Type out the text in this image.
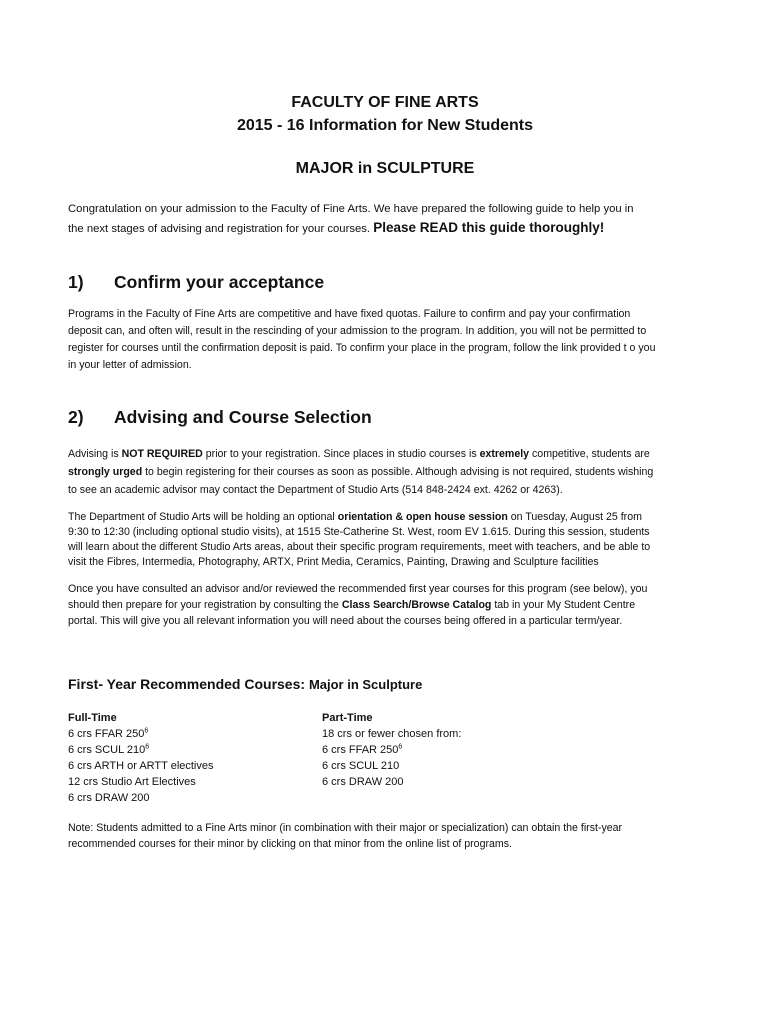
FACULTY OF FINE ARTS
2015 - 16 Information for New Students
MAJOR in SCULPTURE
Congratulation on your admission to the Faculty of Fine Arts. We have prepared the following guide to help you in
the next stages of advising and registration for your courses. Please READ this guide thoroughly!
1) Confirm your acceptance
Programs in the Faculty of Fine Arts are competitive and have fixed quotas. Failure to confirm and pay your confirmation
deposit can, and often will, result in the rescinding of your admission to the program. In addition, you will not be permitted to
register for courses until the confirmation deposit is paid. To confirm your place in the program, follow the link provided t o you
in your letter of admission.
2) Advising and Course Selection
Advising is NOT REQUIRED prior to your registration. Since places in studio courses is extremely competitive, students are
strongly urged to begin registering for their courses as soon as possible. Although advising is not required, students wishing
to see an academic advisor may contact the Department of Studio Arts (514 848-2424 ext. 4262 or 4263).
The Department of Studio Arts will be holding an optional orientation & open house session on Tuesday, August 25 from
9:30 to 12:30 (including optional studio visits), at 1515 Ste-Catherine St. West, room EV 1.615. During this session, students
will learn about the different Studio Arts areas, about their specific program requirements, meet with teachers, and be able to
visit the Fibres, Intermedia, Photography, ARTX, Print Media, Ceramics, Painting, Drawing and Sculpture facilities
Once you have consulted an advisor and/or reviewed the recommended first year courses for this program (see below), you
should then prepare for your registration by consulting the Class Search/Browse Catalog tab in your My Student Centre
portal. This will give you all relevant information you will need about the courses being offered in a particular term/year.
First- Year Recommended Courses: Major in Sculpture
Full-Time
6 crs FFAR $250^6$
6 crs SCUL $210^6$
6 crs ARTH or ARTT electives
12 crs Studio Art Electives
6 crs DRAW 200
Part-Time
18 crs or fewer chosen from:
6 crs FFAR $250^6$
6 crs SCUL 210
6 crs DRAW 200
Note: Students admitted to a Fine Arts minor (in combination with their major or specialization) can obtain the first-year
recommended courses for their minor by clicking on that minor from the online list of programs.
